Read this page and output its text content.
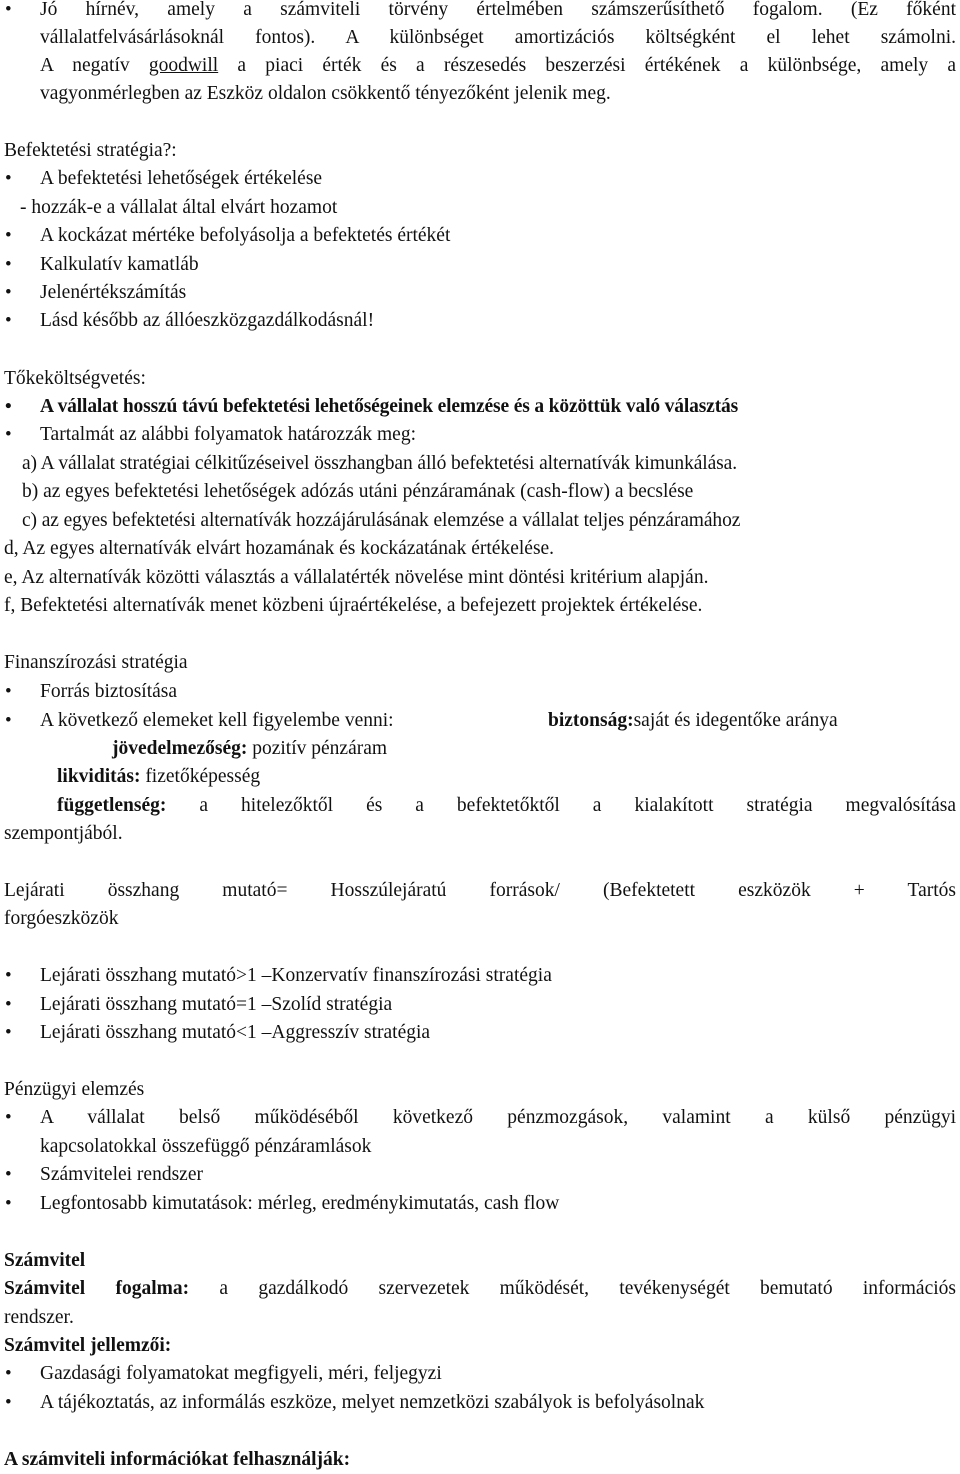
• Jó hírnév, amely a számviteli törvény értelmében számszerűsíthető fogalom. (Ez főként
vállalatfelvásárlásoknál fontos). A különbséget amortizációs költségként el lehet számolni.
A negatív goodwill a piaci érték és a részesedés beszerzési értékének a különbsége, amely a
vagyonmérlegben az Eszköz oldalon csökkentő tényezőként jelenik meg.
Befektetési stratégia?:
• A befektetési lehetőségek értékelése
- hozzák-e a vállalat által elvárt hozamot
• A kockázat mértéke befolyásolja a befektetés értékét
• Kalkulatív kamatláb
• Jelenértékszámítás
• Lásd később az állóeszközgazdálkodásnál!
Tőkeköltségvetés:
• A vállalat hosszú távú befektetési lehetőségeinek elemzése és a közöttük való választás
• Tartalmát az alábbi folyamatok határozzák meg:
a) A vállalat stratégiai célkitűzéseivel összhangban álló befektetési alternatívák kimunkálása.
b) az egyes befektetési lehetőségek adózás utáni pénzáramának (cash-flow) a becslése
c) az egyes befektetési alternatívák hozzájárulásának elemzése a vállalat teljes pénzáramához
d, Az egyes alternatívák elvárt hozamának és kockázatának értékelése.
e, Az alternatívák közötti választás a vállalatérték növelése mint döntési kritérium alapján.
f, Befektetési alternatívák menet közbeni újraértékelése, a befejezett projektek értékelése.
Finanszírozási stratégia
• Forrás biztosítása
• A következő elemeket kell figyelembe venni:	biztonság:saját és idegentőke aránya
jövedelmezőség: pozitív pénzáram
likviditás: fizetőképesség
függetlenség: a hitelezőktől és a befektetőktől a kialakított stratégia megvalósítása
szempontjából.
Lejárati összhang mutató= Hosszúlejáratú források/ (Befektetett eszközök + Tartós
forgóeszközök
• Lejárati összhang mutató>1 –Konzervatív finanszírozási stratégia
• Lejárati összhang mutató=1 –Szolíd stratégia
• Lejárati összhang mutató<1 –Aggresszív stratégia
Pénzügyi elemzés
• A vállalat belső működéséből következő pénzmozgások, valamint a külső pénzügyi
kapcsolatokkal összefüggő pénzáramlások
• Számvitelei rendszer
• Legfontosabb kimutatások: mérleg, eredménykimutatás, cash flow
Számvitel
Számvitel fogalma: a gazdálkodó szervezetek működését, tevékenységét bemutató információs
rendszer.
Számvitel jellemzői:
• Gazdasági folyamatokat megfigyeli, méri, feljegyzi
• A tájékoztatás, az informálás eszköze, melyet nemzetközi szabályok is befolyásolnak
A számviteli információkat felhasználják:
